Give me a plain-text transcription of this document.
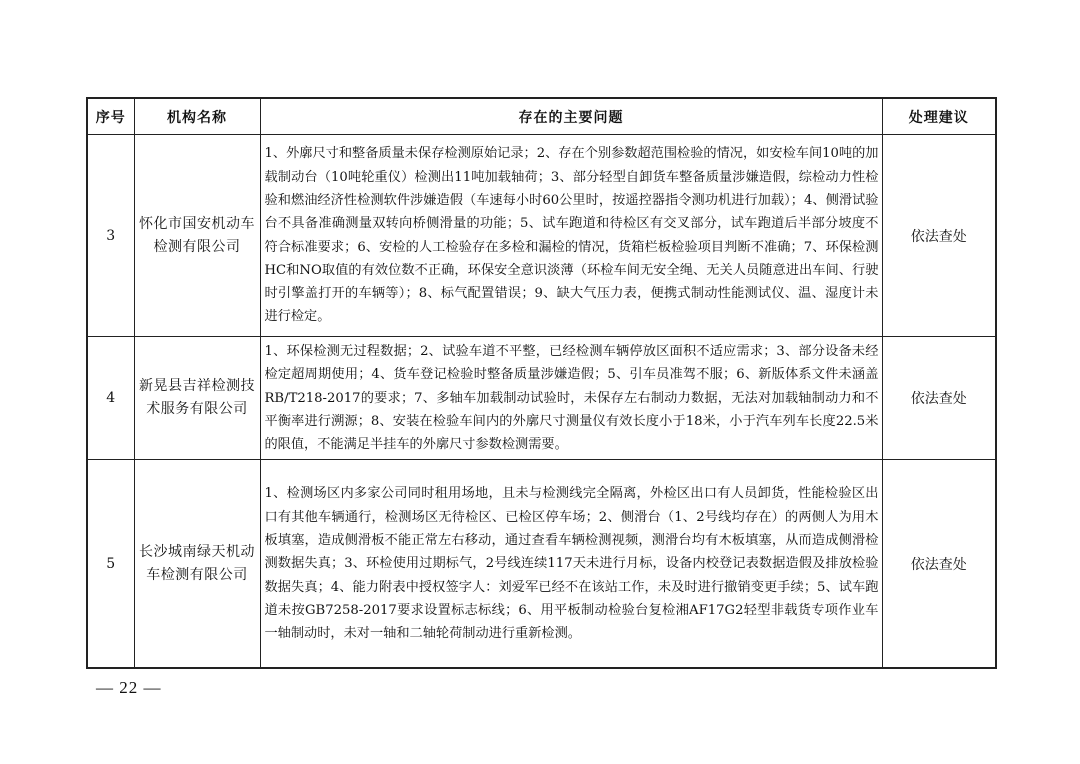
序号	机构名称	存在的主要问题	处理建议
3	怀化市国安机动车检测有限公司	1、外廓尺寸和整备质量未保存检测原始记录；2、存在个别参数超范围检验的情况，如安检车间10吨的加载制动台（10吨轮重仪）检测出11吨加载轴荷；3、部分轻型自卸货车整备质量涉嫌造假，综检动力性检验和燃油经济性检测软件涉嫌造假（车速每小时60公里时，按遥控器指令测功机进行加载）；4、侧滑试验台不具备准确测量双转向桥侧滑量的功能；5、试车跑道和待检区有交叉部分，试车跑道后半部分坡度不符合标准要求；6、安检的人工检验存在多检和漏检的情况，货箱栏板检验项目判断不准确；7、环保检测HC和NO取值的有效位数不正确，环保安全意识淡薄（环检车间无安全绳、无关人员随意进出车间、行驶时引擎盖打开的车辆等）；8、标气配置错误；9、缺大气压力表，便携式制动性能测试仪、温、湿度计未进行检定。	依法查处
4	新晃县吉祥检测技术服务有限公司	1、环保检测无过程数据；2、试验车道不平整，已经检测车辆停放区面积不适应需求；3、部分设备未经检定超周期使用；4、货车登记检验时整备质量涉嫌造假；5、引车员准驾不服；6、新版体系文件未涵盖RB/T218-2017的要求；7、多轴车加载制动试验时，未保存左右制动力数据，无法对加载轴制动力和不平衡率进行溯源；8、安装在检验车间内的外廓尺寸测量仪有效长度小于18米，小于汽车列车长度22.5米的限值，不能满足半挂车的外廓尺寸参数检测需要。	依法查处
5	长沙城南绿天机动车检测有限公司	1、检测场区内多家公司同时租用场地，且未与检测线完全隔离，外检区出口有人员卸货，性能检验区出口有其他车辆通行，检测场区无待检区、已检区停车场；2、侧滑台（1、2号线均存在）的两侧人为用木板填塞，造成侧滑板不能正常左右移动，通过查看车辆检测视频，测滑台均有木板填塞，从而造成侧滑检测数据失真；3、环检使用过期标气，2号线连续117天未进行月标，设备内校登记表数据造假及排放检验数据失真；4、能力附表中授权签字人：刘爱军已经不在该站工作，未及时进行撤销变更手续；5、试车跑道未按GB7258-2017要求设置标志标线；6、用平板制动检验台复检湘AF17G2轻型非载货专项作业车一轴制动时，未对一轴和二轴轮荷制动进行重新检测。	依法查处
— 22 —
